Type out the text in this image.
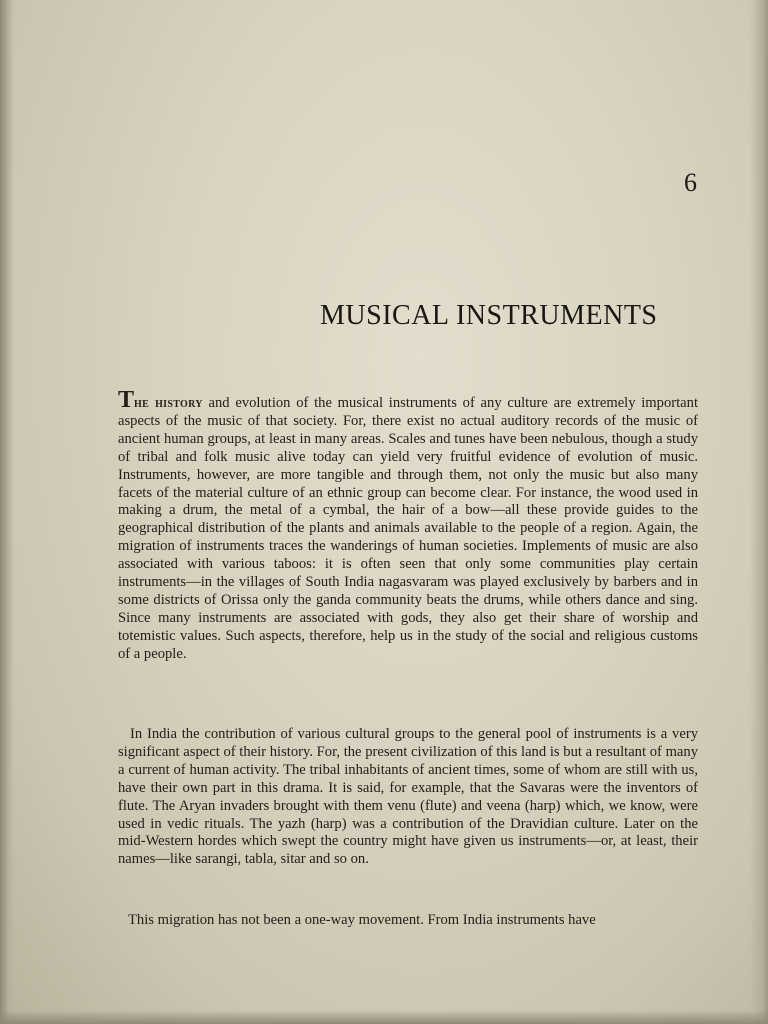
6
MUSICAL INSTRUMENTS

The history and evolution of the musical instruments of any culture are extremely important aspects of the music of that society. For, there exist no actual auditory records of the music of ancient human groups, at least in many areas. Scales and tunes have been nebulous, though a study of tribal and folk music alive today can yield very fruitful evidence of evolution of music. Instruments, however, are more tangible and through them, not only the music but also many facets of the material culture of an ethnic group can become clear. For instance, the wood used in making a drum, the metal of a cymbal, the hair of a bow—all these provide guides to the geographical distribution of the plants and animals available to the people of a region. Again, the migration of instruments traces the wanderings of human societies. Implements of music are also associated with various taboos: it is often seen that only some communities play certain instruments—in the villages of South India nagasvaram was played exclusively by barbers and in some districts of Orissa only the ganda community beats the drums, while others dance and sing. Since many instruments are associated with gods, they also get their share of worship and totemistic values. Such aspects, therefore, help us in the study of the social and religious customs of a people.

In India the contribution of various cultural groups to the general pool of instruments is a very significant aspect of their history. For, the present civilization of this land is but a resultant of many a current of human activity. The tribal inhabitants of ancient times, some of whom are still with us, have their own part in this drama. It is said, for example, that the Savaras were the inventors of flute. The Aryan invaders brought with them venu (flute) and veena (harp) which, we know, were used in vedic rituals. The yazh (harp) was a contribution of the Dravidian culture. Later on the mid-Western hordes which swept the country might have given us instruments—or, at least, their names—like sarangi, tabla, sitar and so on.

This migration has not been a one-way movement. From India instruments have
